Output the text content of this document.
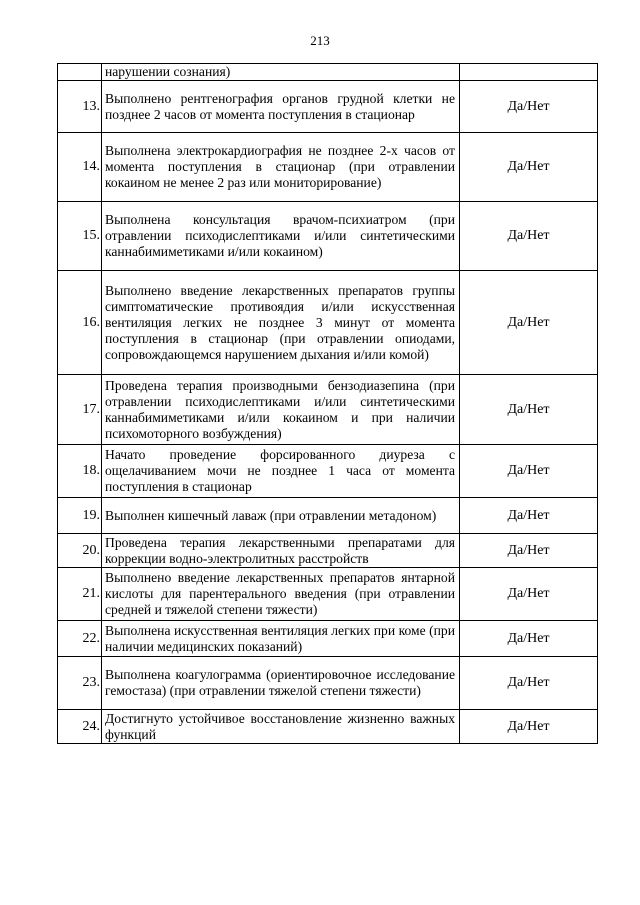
213
	нарушении сознания)	
13.	Выполнено рентгенография органов грудной клетки не позднее 2 часов от момента поступления в стационар	Да/Нет
14.	Выполнена электрокардиография не позднее 2-х часов от момента поступления в стационар (при отравлении кокаином не менее 2 раз или мониторирование)	Да/Нет
15.	Выполнена консультация врачом-психиатром (при отравлении психодислептиками и/или синтетическими каннабимиметиками и/или кокаином)	Да/Нет
16.	Выполнено введение лекарственных препаратов группы симптоматические противоядия и/или искусственная вентиляция легких не позднее 3 минут от момента поступления в стационар (при отравлении опиодами, сопровождающемся нарушением дыхания и/или комой)	Да/Нет
17.	Проведена терапия производными бензодиазепина (при отравлении психодислептиками и/или синтетическими каннабимиметиками и/или кокаином и при наличии психомоторного возбуждения)	Да/Нет
18.	Начато проведение форсированного диуреза с ощелачиванием мочи не позднее 1 часа от момента поступления в стационар	Да/Нет
19.	Выполнен кишечный лаваж (при отравлении метадоном)	Да/Нет
20.	Проведена терапия лекарственными препаратами для коррекции водно-электролитных расстройств	Да/Нет
21.	Выполнено введение лекарственных препаратов янтарной кислоты для парентерального введения (при отравлении средней и тяжелой степени тяжести)	Да/Нет
22.	Выполнена искусственная вентиляция легких при коме (при наличии медицинских показаний)	Да/Нет
23.	Выполнена коагулограмма (ориентировочное исследование гемостаза) (при отравлении тяжелой степени тяжести)	Да/Нет
24.	Достигнуто устойчивое восстановление жизненно важных функций	Да/Нет
